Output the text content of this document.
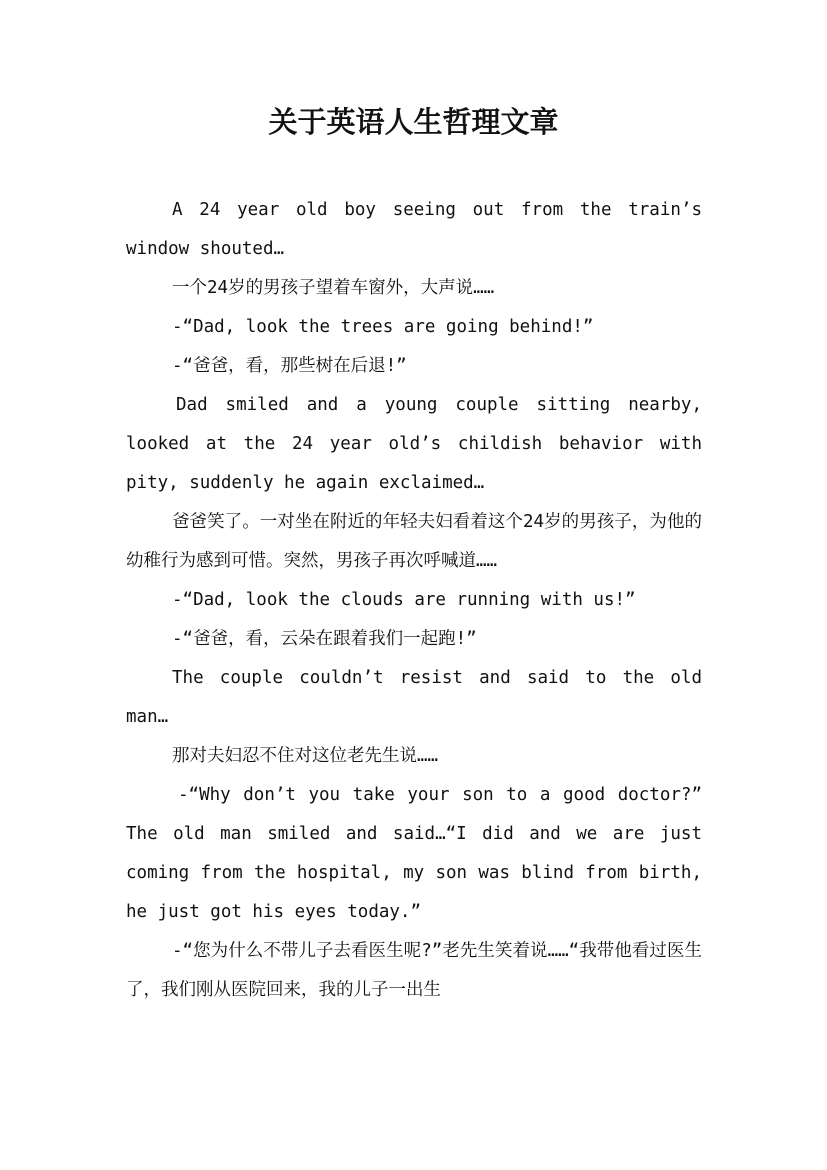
关于英语人生哲理文章

A 24 year old boy seeing out from the train’s window shouted…

一个24岁的男孩子望着车窗外，大声说……

-“Dad, look the trees are going behind!”

-“爸爸，看，那些树在后退!”

Dad smiled and a young couple sitting nearby, looked at the 24 year old’s childish behavior with pity, suddenly he again exclaimed…

爸爸笑了。一对坐在附近的年轻夫妇看着这个24岁的男孩子，为他的幼稚行为感到可惜。突然，男孩子再次呼喊道……

-“Dad, look the clouds are running with us!”

-“爸爸，看，云朵在跟着我们一起跑!”

The couple couldn’t resist and said to the old man…

那对夫妇忍不住对这位老先生说……

-“Why don’t you take your son to a good doctor?” The old man smiled and said…“I did and we are just coming from the hospital, my son was blind from birth, he just got his eyes today.”

-“您为什么不带儿子去看医生呢?”老先生笑着说……“我带他看过医生了，我们刚从医院回来，我的儿子一出生
